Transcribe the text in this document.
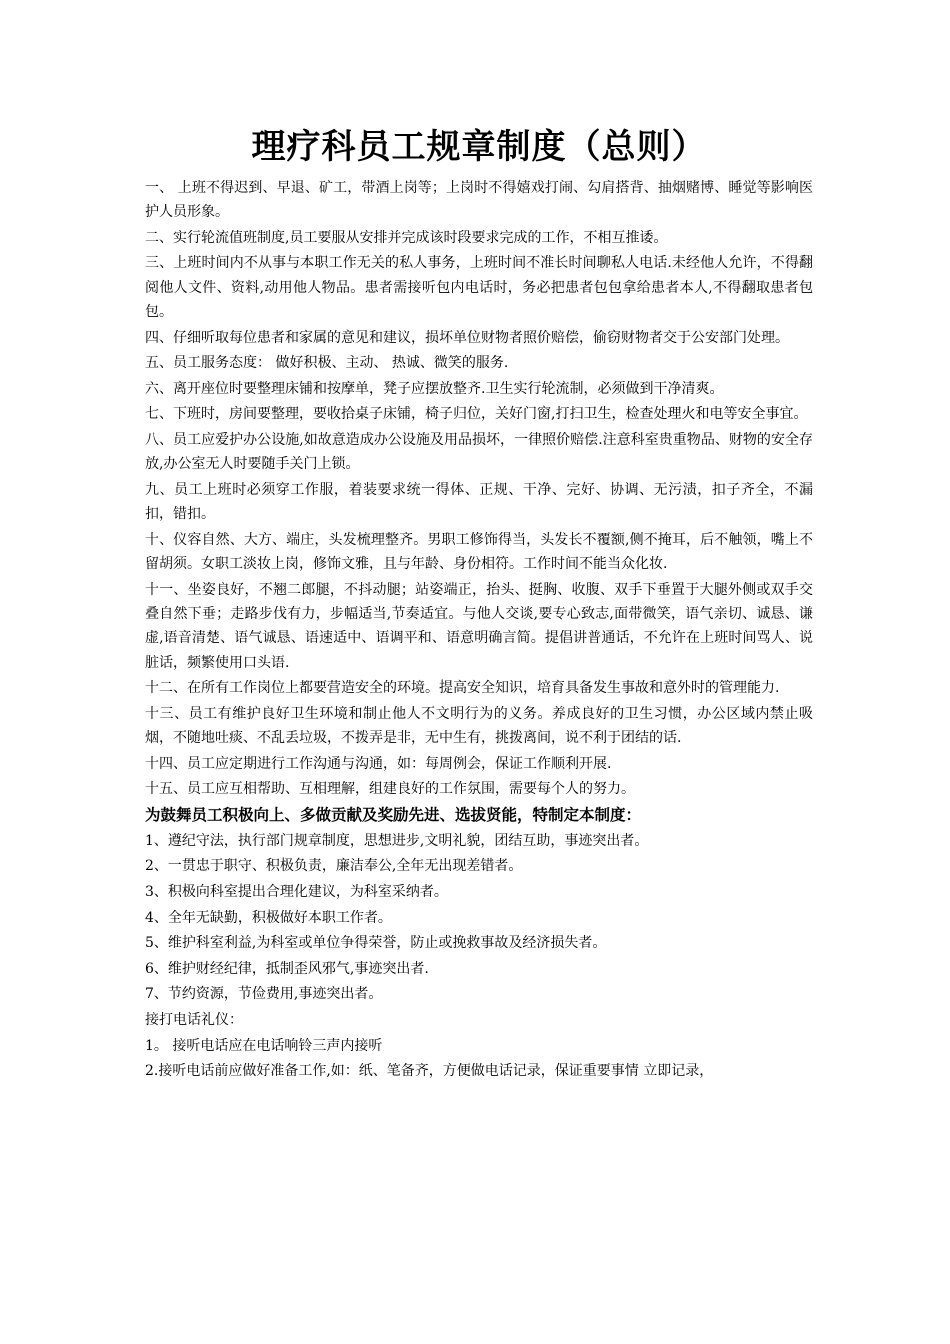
理疗科员工规章制度（总则）

一、 上班不得迟到、早退、矿工，带酒上岗等；上岗时不得嬉戏打闹、勾肩搭背、抽烟赌博、睡觉等影响医护人员形象。

二、实行轮流值班制度,员工要服从安排并完成该时段要求完成的工作，不相互推诿。

三、上班时间内不从事与本职工作无关的私人事务，上班时间不准长时间聊私人电话.未经他人允许，不得翻阅他人文件、资料,动用他人物品。患者需接听包内电话时，务必把患者包包拿给患者本人,不得翻取患者包包。

四、仔细听取每位患者和家属的意见和建议，损坏单位财物者照价赔偿，偷窃财物者交于公安部门处理。

五、员工服务态度： 做好积极、主动、 热诚、微笑的服务.

六、离开座位时要整理床铺和按摩单，凳子应摆放整齐.卫生实行轮流制，必须做到干净清爽。

七、下班时，房间要整理，要收拾桌子床铺，椅子归位，关好门窗,打扫卫生，检查处理火和电等安全事宜。

八、员工应爱护办公设施,如故意造成办公设施及用品损坏，一律照价赔偿.注意科室贵重物品、财物的安全存放,办公室无人时要随手关门上锁。

九、员工上班时必须穿工作服，着装要求统一得体、正规、干净、完好、协调、无污渍，扣子齐全，不漏扣，错扣。

十、仪容自然、大方、端庄，头发梳理整齐。男职工修饰得当，头发长不覆额,侧不掩耳，后不触领，嘴上不留胡须。女职工淡妆上岗，修饰文雅，且与年龄、身份相符。工作时间不能当众化妆.

十一、坐姿良好，不翘二郎腿，不抖动腿；站姿端正，抬头、挺胸、收腹、双手下垂置于大腿外侧或双手交叠自然下垂；走路步伐有力，步幅适当,节奏适宜。与他人交谈,要专心致志,面带微笑，语气亲切、诚恳、谦虚,语音清楚、语气诚恳、语速适中、语调平和、语意明确言简。提倡讲普通话，不允许在上班时间骂人、说脏话，频繁使用口头语.

十二、在所有工作岗位上都要营造安全的环境。提高安全知识，培育具备发生事故和意外时的管理能力.

十三、员工有维护良好卫生环境和制止他人不文明行为的义务。养成良好的卫生习惯，办公区域内禁止吸烟，不随地吐痰、不乱丢垃圾，不拨弄是非，无中生有，挑拨离间，说不利于团结的话.

十四、员工应定期进行工作沟通与沟通，如：每周例会，保证工作顺利开展.

十五、员工应互相帮助、互相理解，组建良好的工作氛围，需要每个人的努力。

为鼓舞员工积极向上、多做贡献及奖励先进、选拔贤能，特制定本制度：

1、遵纪守法，执行部门规章制度，思想进步,文明礼貌，团结互助，事迹突出者。

2、一贯忠于职守、积极负责，廉洁奉公,全年无出现差错者。

3、积极向科室提出合理化建议，为科室采纳者。

4、全年无缺勤，积极做好本职工作者。

5、维护科室利益,为科室或单位争得荣誉，防止或挽救事故及经济损失者。

6、维护财经纪律，抵制歪风邪气,事迹突出者.

7、节约资源，节俭费用,事迹突出者。

接打电话礼仪：

1。 接听电话应在电话响铃三声内接听

2.接听电话前应做好准备工作,如：纸、笔备齐，方便做电话记录，保证重要事情 立即记录，
